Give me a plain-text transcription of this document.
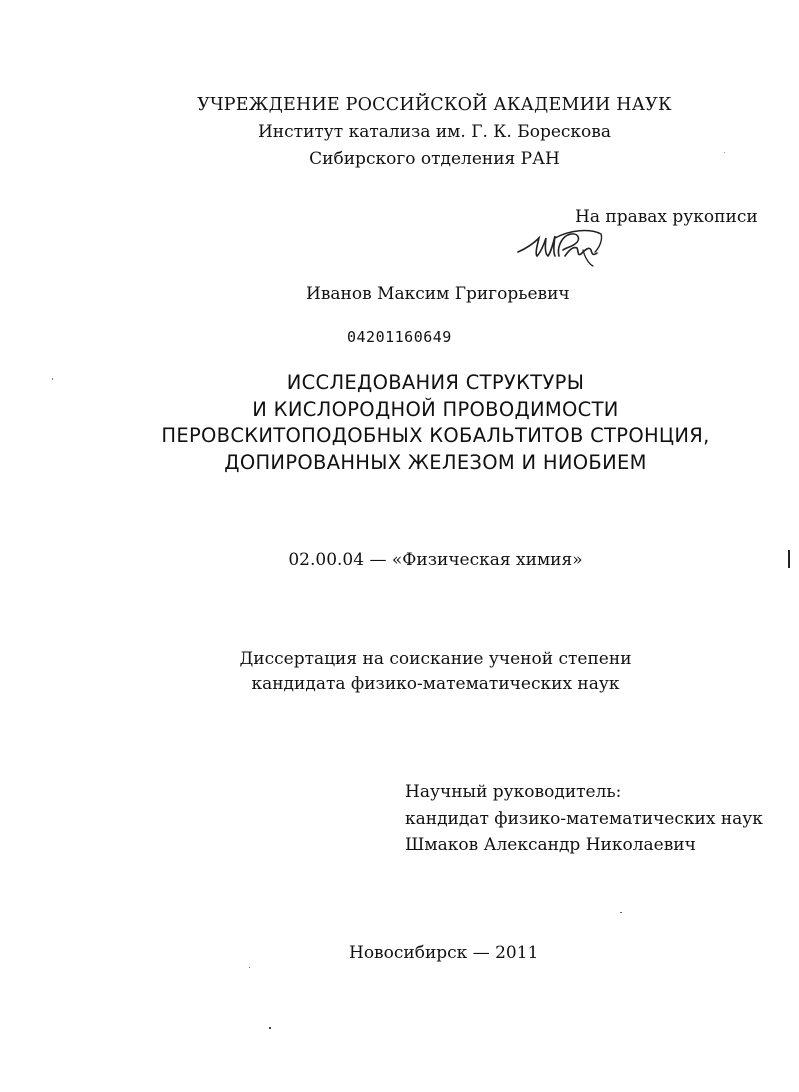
УЧРЕЖДЕНИЕ РОССИЙСКОЙ АКАДЕМИИ НАУК
Институт катализа им. Г. К. Борескова
Сибирского отделения РАН
На правах рукописи
Иванов Максим Григорьевич
04201160649
ИССЛЕДОВАНИЯ СТРУКТУРЫ
И КИСЛОРОДНОЙ ПРОВОДИМОСТИ
ПЕРОВСКИТОПОДОБНЫХ КОБАЛЬТИТОВ СТРОНЦИЯ,
ДОПИРОВАННЫХ ЖЕЛЕЗОМ И НИОБИЕМ
02.00.04 — «Физическая химия»
Диссертация на соискание ученой степени
кандидата физико-математических наук
Научный руководитель:
кандидат физико-математических наук
Шмаков Александр Николаевич
Новосибирск — 2011
